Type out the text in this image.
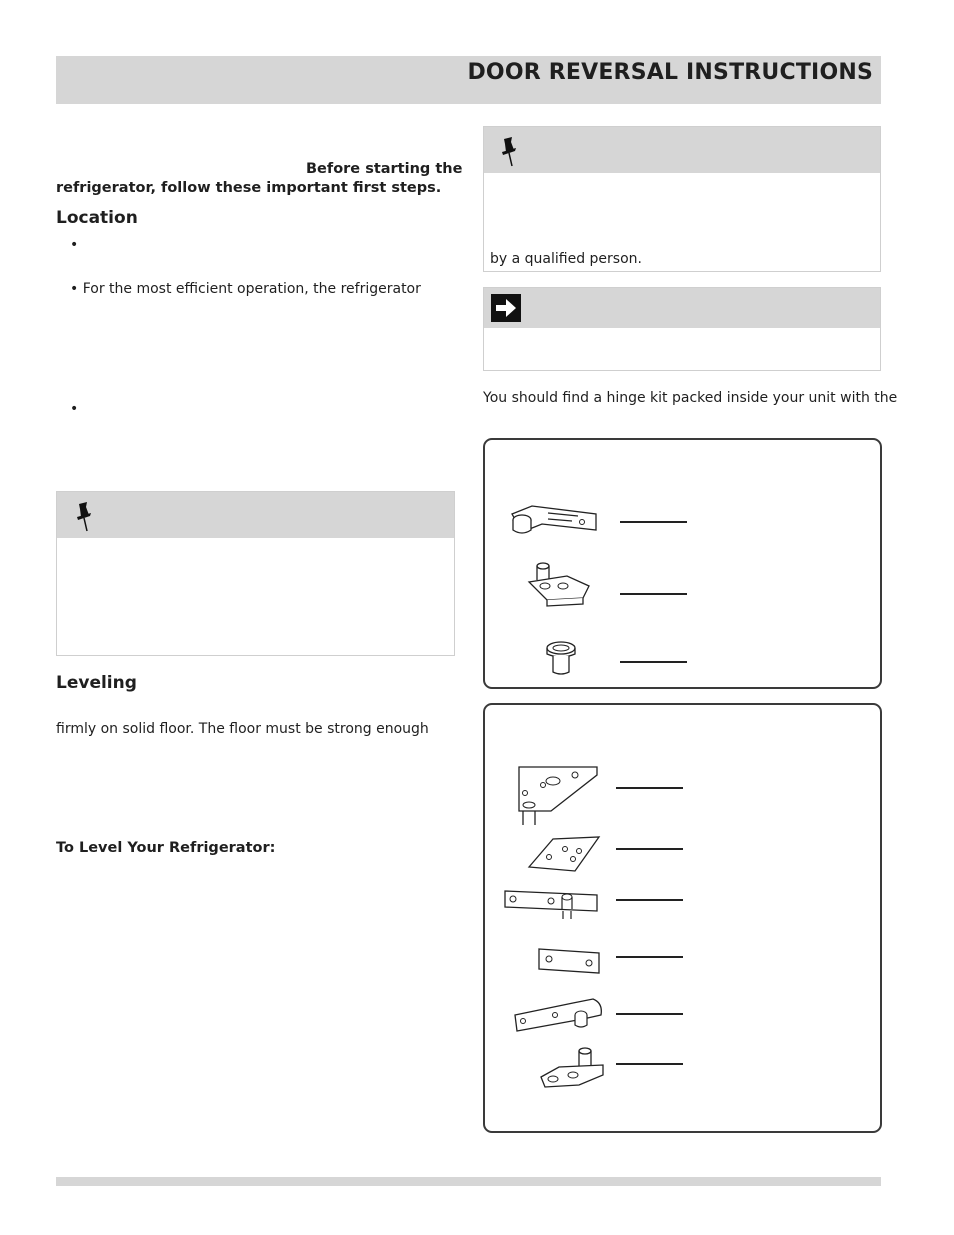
DOOR REVERSAL INSTRUCTIONS
Before starting the
refrigerator, follow these important first steps.
Location
•
• For the most efficient operation, the refrigerator
•
Leveling
firmly on solid floor. The floor must be strong enough
To Level Your Refrigerator:
by a qualified person.
You should find a hinge kit packed inside your unit with the
